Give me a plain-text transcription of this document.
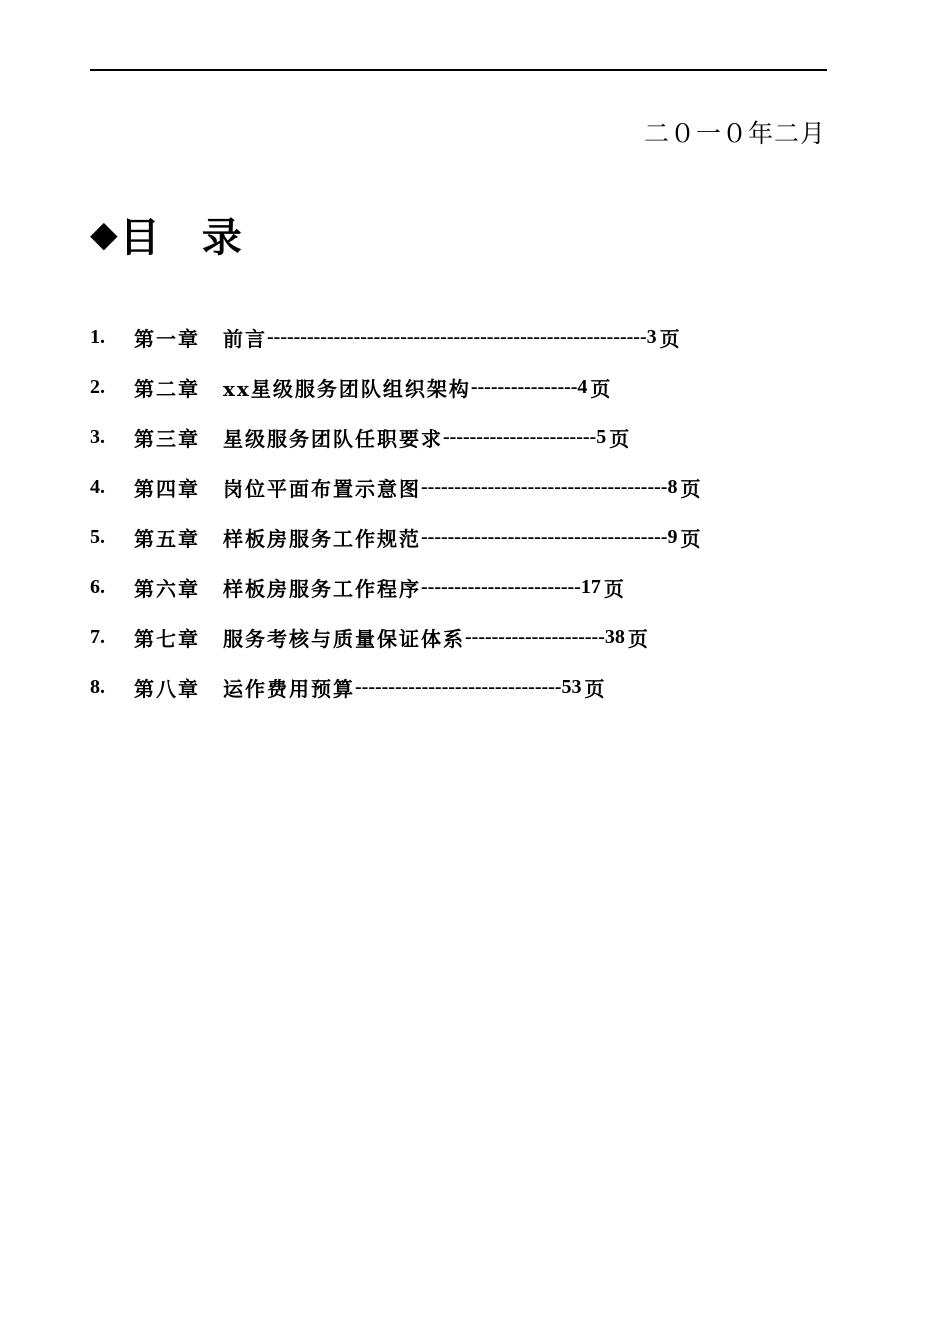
二０一０年二月
◆ 目 录
1.	第一章	前言 --------------------------------------------------------- 3 页
2.	第二章	xx星级服务团队组织架构 ---------------- 4 页
3.	第三章	星级服务团队任职要求 ----------------------- 5 页
4.	第四章	岗位平面布置示意图 ------------------------------------- 8 页
5.	第五章	样板房服务工作规范 ------------------------------------- 9 页
6.	第六章	样板房服务工作程序 ------------------------ 17 页
7.	第七章	服务考核与质量保证体系 --------------------- 38 页
8.	第八章	运作费用预算 ------------------------------- 53 页
